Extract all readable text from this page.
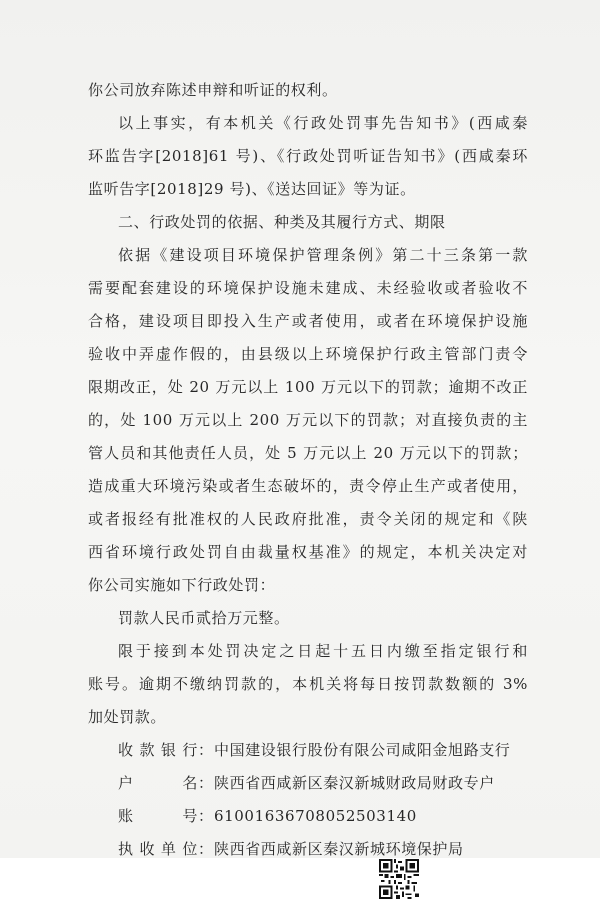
你公司放弃陈述申辩和听证的权利。

以上事实，有本机关《行政处罚事先告知书》(西咸秦

环监告字[2018]61 号)、《行政处罚听证告知书》(西咸秦环

监听告字[2018]29 号)、《送达回证》等为证。

二、行政处罚的依据、种类及其履行方式、期限

依据《建设项目环境保护管理条例》第二十三条第一款

需要配套建设的环境保护设施未建成、未经验收或者验收不

合格，建设项目即投入生产或者使用，或者在环境保护设施

验收中弄虚作假的，由县级以上环境保护行政主管部门责令

限期改正，处 20 万元以上 100 万元以下的罚款；逾期不改正

的，处 100 万元以上 200 万元以下的罚款；对直接负责的主

管人员和其他责任人员，处 5 万元以上 20 万元以下的罚款；

造成重大环境污染或者生态破坏的，责令停止生产或者使用，

或者报经有批准权的人民政府批准，责令关闭的规定和《陕

西省环境行政处罚自由裁量权基准》的规定，本机关决定对

你公司实施如下行政处罚：

罚款人民币贰拾万元整。

限于接到本处罚决定之日起十五日内缴至指定银行和

账号。逾期不缴纳罚款的，本机关将每日按罚款数额的 3%

加处罚款。

收款银行 ： 中国建设银行股份有限公司咸阳金旭路支行
户名 ： 陕西省西咸新区秦汉新城财政局财政专户
账号 ： 61001636708052503140
执收单位 ： 陕西省西咸新区秦汉新城环境保护局
